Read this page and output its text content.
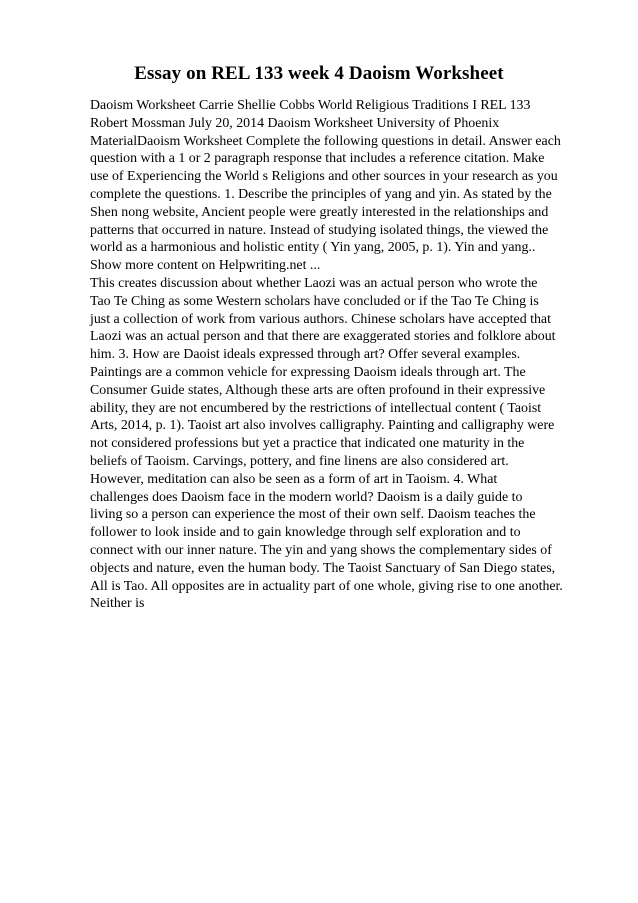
Essay on REL 133 week 4 Daoism Worksheet
Daoism Worksheet Carrie Shellie Cobbs World Religious Traditions I REL 133
Robert Mossman July 20, 2014 Daoism Worksheet University of Phoenix
MaterialDaoism Worksheet Complete the following questions in detail. Answer each
question with a 1 or 2 paragraph response that includes a reference citation. Make
use of Experiencing the World s Religions and other sources in your research as you
complete the questions. 1. Describe the principles of yang and yin. As stated by the
Shen nong website, Ancient people were greatly interested in the relationships and
patterns that occurred in nature. Instead of studying isolated things, the viewed the
world as a harmonious and holistic entity ( Yin yang, 2005, p. 1). Yin and yang..
Show more content on Helpwriting.net ...
This creates discussion about whether Laozi was an actual person who wrote the
Tao Te Ching as some Western scholars have concluded or if the Tao Te Ching is
just a collection of work from various authors. Chinese scholars have accepted that
Laozi was an actual person and that there are exaggerated stories and folklore about
him. 3. How are Daoist ideals expressed through art? Offer several examples.
Paintings are a common vehicle for expressing Daoism ideals through art. The
Consumer Guide states, Although these arts are often profound in their expressive
ability, they are not encumbered by the restrictions of intellectual content ( Taoist
Arts, 2014, p. 1). Taoist art also involves calligraphy. Painting and calligraphy were
not considered professions but yet a practice that indicated one maturity in the
beliefs of Taoism. Carvings, pottery, and fine linens are also considered art.
However, meditation can also be seen as a form of art in Taoism. 4. What
challenges does Daoism face in the modern world? Daoism is a daily guide to
living so a person can experience the most of their own self. Daoism teaches the
follower to look inside and to gain knowledge through self exploration and to
connect with our inner nature. The yin and yang shows the complementary sides of
objects and nature, even the human body. The Taoist Sanctuary of San Diego states,
All is Tao. All opposites are in actuality part of one whole, giving rise to one another.
Neither is
